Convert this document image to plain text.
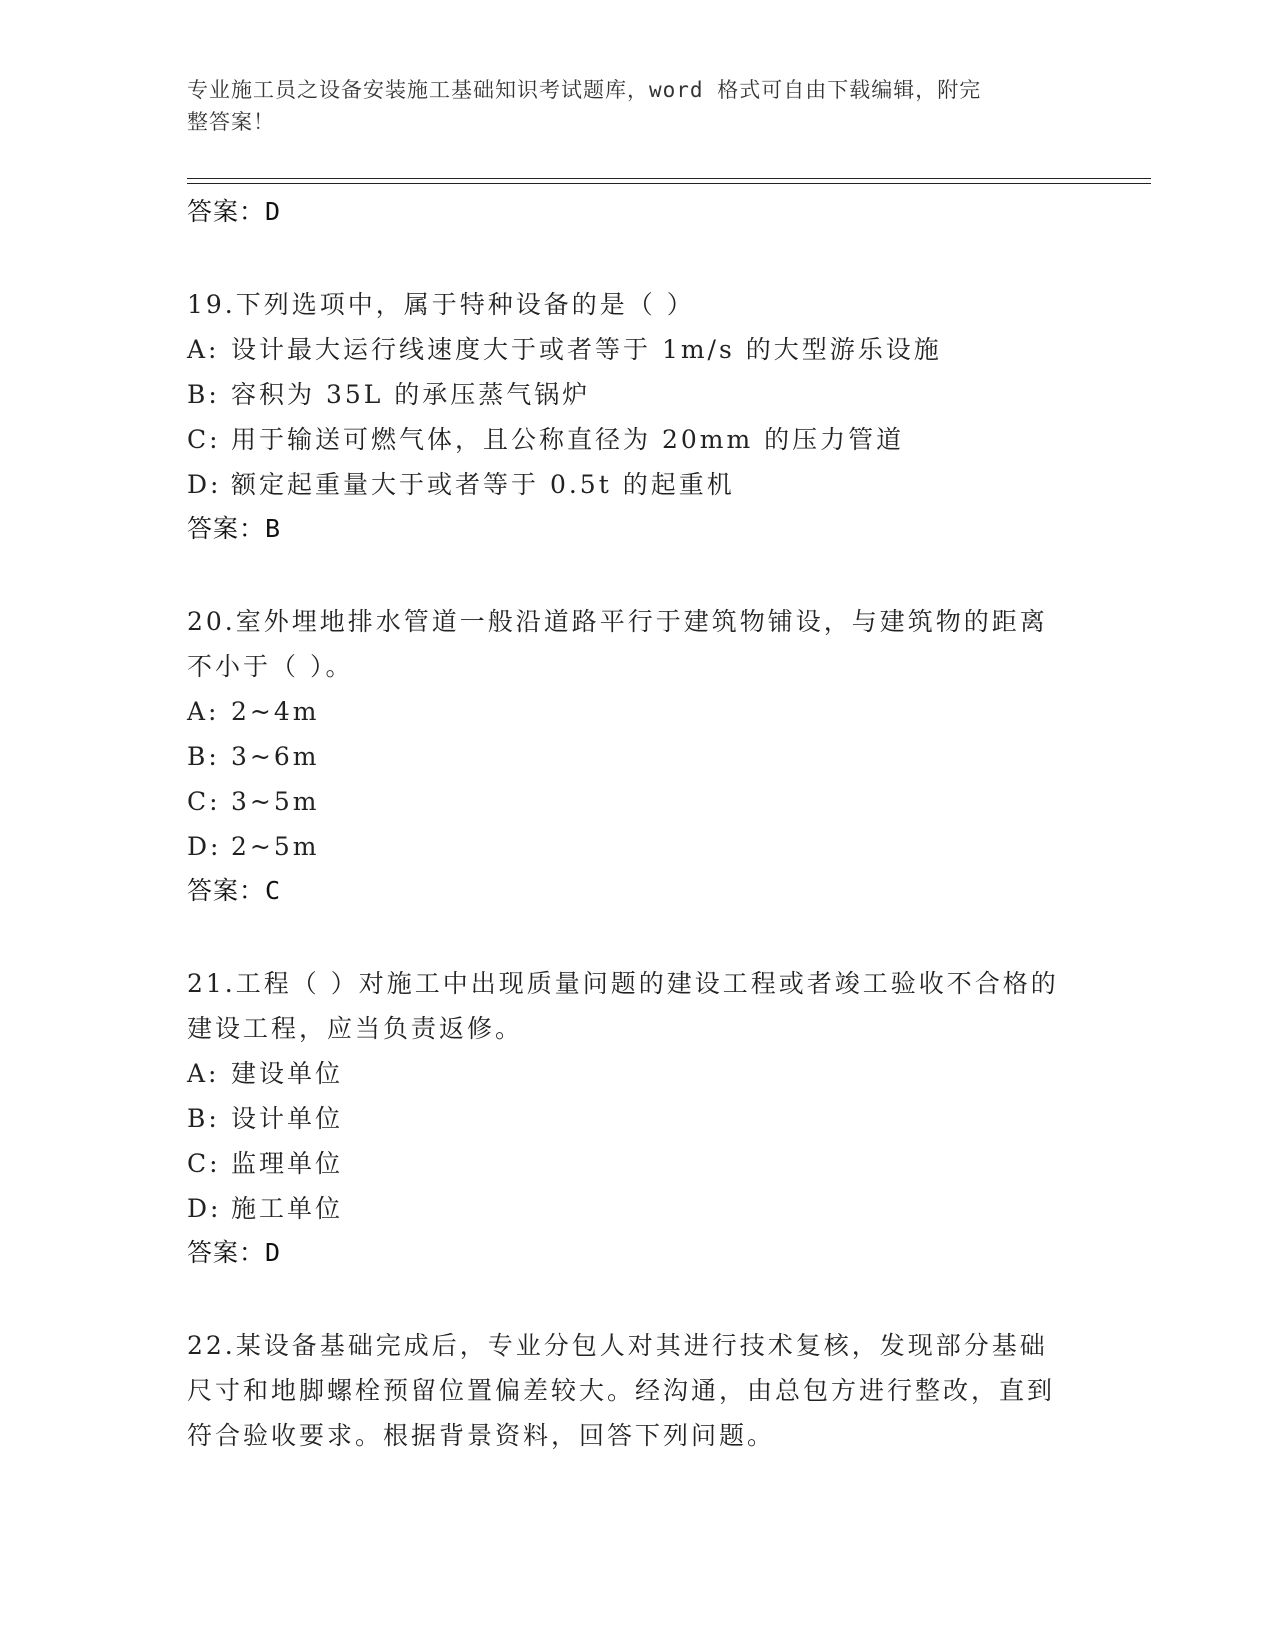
专业施工员之设备安装施工基础知识考试题库，word 格式可自由下载编辑，附完
整答案！
答案：D
19.下列选项中，属于特种设备的是（ ）
A: 设计最大运行线速度大于或者等于 1m/s 的大型游乐设施
B: 容积为 35L 的承压蒸气锅炉
C: 用于输送可燃气体，且公称直径为 20mm 的压力管道
D: 额定起重量大于或者等于 0.5t 的起重机
答案：B
20.室外埋地排水管道一般沿道路平行于建筑物铺设，与建筑物的距离不小于（ ）。
A: 2~4m
B: 3~6m
C: 3~5m
D: 2~5m
答案：C
21.工程（ ）对施工中出现质量问题的建设工程或者竣工验收不合格的建设工程，应当负责返修。
A: 建设单位
B: 设计单位
C: 监理单位
D: 施工单位
答案：D
22.某设备基础完成后，专业分包人对其进行技术复核，发现部分基础尺寸和地脚螺栓预留位置偏差较大。经沟通，由总包方进行整改，直到符合验收要求。根据背景资料，回答下列问题。
